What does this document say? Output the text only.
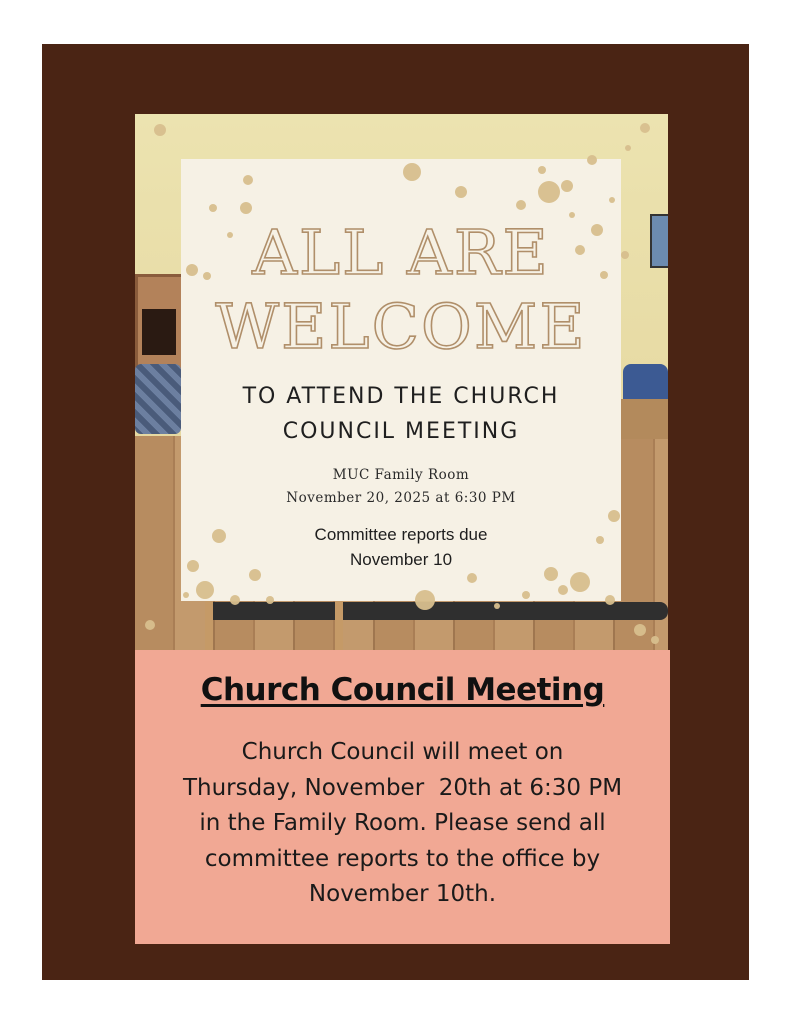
ALL ARE
WELCOME
TO ATTEND THE CHURCH
COUNCIL MEETING
MUC Family Room
November 20, 2025 at 6:30 PM
Committee reports due
November 10
Church Council Meeting
Church Council will meet on
Thursday, November  20th at 6:30 PM
in the Family Room. Please send all
committee reports to the office by
November 10th.
